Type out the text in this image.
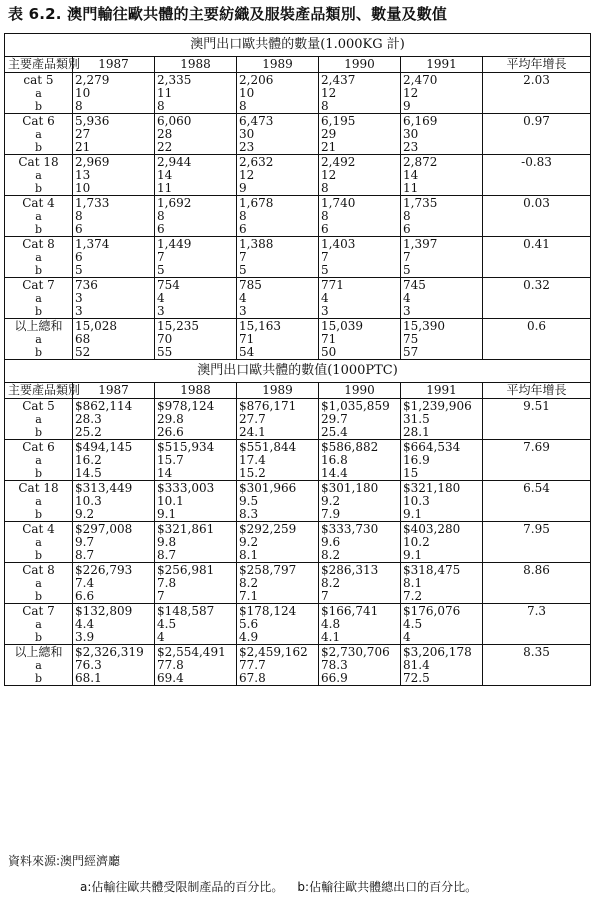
表 6.2. 澳門輸往歐共體的主要紡織及服裝產品類別、數量及數值
澳門出口歐共體的數量(1.000KG 計)						
主要產品類別	1987	1988	1989	1990	1991	平均年增長
cat 5	2,279	2,335	2,206	2,437	2,470	2.03
a	10	11	10	12	12	
b	8	8	8	8	9	
Cat 6	5,936	6,060	6,473	6,195	6,169	0.97
a	27	28	30	29	30	
b	21	22	23	21	23	
Cat 18	2,969	2,944	2,632	2,492	2,872	-0.83
a	13	14	12	12	14	
b	10	11	9	8	11	
Cat 4	1,733	1,692	1,678	1,740	1,735	0.03
a	8	8	8	8	8	
b	6	6	6	6	6	
Cat 8	1,374	1,449	1,388	1,403	1,397	0.41
a	6	7	7	7	7	
b	5	5	5	5	5	
Cat 7	736	754	785	771	745	0.32
a	3	4	4	4	4	
b	3	3	3	3	3	
以上總和	15,028	15,235	15,163	15,039	15,390	0.6
a	68	70	71	71	75	
b	52	55	54	50	57	
澳門出口歐共體的數值(1000PTC)						
主要產品類別	1987	1988	1989	1990	1991	平均年增長
Cat 5	$862,114	$978,124	$876,171	$1,035,859	$1,239,906	9.51
a	28.3	29.8	27.7	29.7	31.5	
b	25.2	26.6	24.1	25.4	28.1	
Cat 6	$494,145	$515,934	$551,844	$586,882	$664,534	7.69
a	16.2	15.7	17.4	16.8	16.9	
b	14.5	14	15.2	14.4	15	
Cat 18	$313,449	$333,003	$301,966	$301,180	$321,180	6.54
a	10.3	10.1	9.5	9.2	10.3	
b	9.2	9.1	8.3	7.9	9.1	
Cat 4	$297,008	$321,861	$292,259	$333,730	$403,280	7.95
a	9.7	9.8	9.2	9.6	10.2	
b	8.7	8.7	8.1	8.2	9.1	
Cat 8	$226,793	$256,981	$258,797	$286,313	$318,475	8.86
a	7.4	7.8	8.2	8.2	8.1	
b	6.6	7	7.1	7	7.2	
Cat 7	$132,809	$148,587	$178,124	$166,741	$176,076	7.3
a	4.4	4.5	5.6	4.8	4.5	
b	3.9	4	4.9	4.1	4	
以上總和	$2,326,319	$2,554,491	$2,459,162	$2,730,706	$3,206,178	8.35
a	76.3	77.8	77.7	78.3	81.4	
b	68.1	69.4	67.8	66.9	72.5	
資料來源:澳門經濟廳
a:佔輸往歐共體受限制產品的百分比。 b:佔輸往歐共體總出口的百分比。
